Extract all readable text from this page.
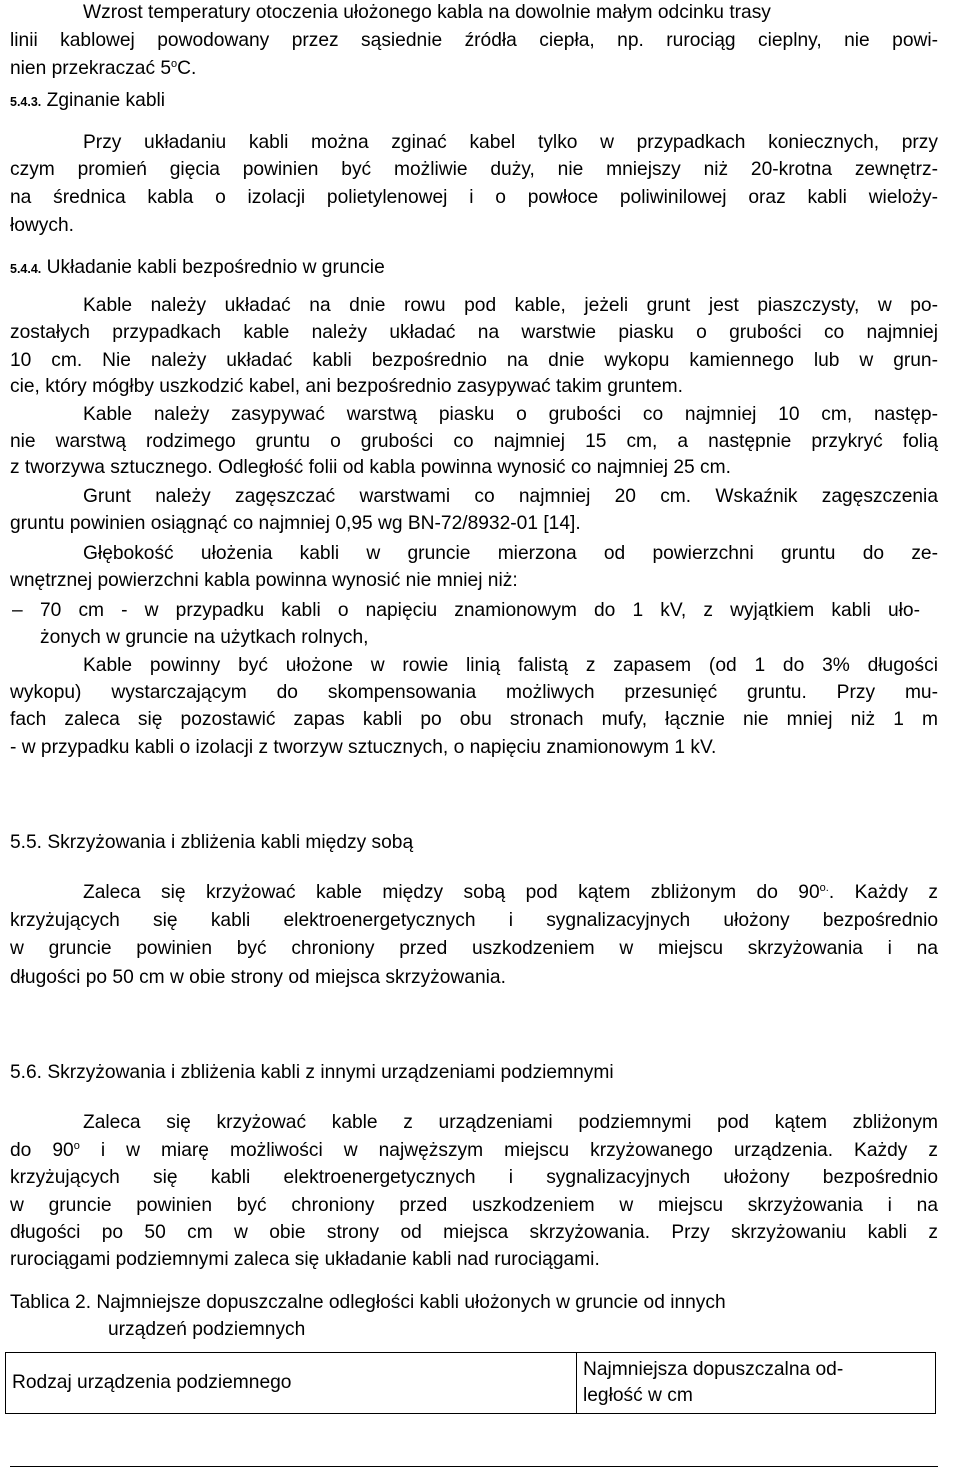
Wzrost temperatury otoczenia ułożonego kabla na dowolnie małym odcinku trasy
linii kablowej powodowany przez sąsiednie źródła ciepła, np. rurociąg cieplny, nie powi-
nien przekraczać 5$^o$C.
5.4.3. Zginanie kabli
Przy układaniu kabli można zginać kabel tylko w przypadkach koniecznych, przy
czym promień gięcia powinien być możliwie duży, nie mniejszy niż 20-krotna zewnętrz-
na średnica kabla o izolacji polietylenowej i o powłoce poliwinilowej oraz kabli wieloży-
łowych.
5.4.4. Układanie kabli bezpośrednio w gruncie
Kable należy układać na dnie rowu pod kable, jeżeli grunt jest piaszczysty, w po-
zostałych przypadkach kable należy układać na warstwie piasku o grubości co najmniej
10 cm. Nie należy układać kabli bezpośrednio na dnie wykopu kamiennego lub w grun-
cie, który mógłby uszkodzić kabel, ani bezpośrednio zasypywać takim gruntem.
Kable należy zasypywać warstwą piasku o grubości co najmniej 10 cm, następ-
nie warstwą rodzimego gruntu o grubości co najmniej 15 cm, a następnie przykryć folią
z tworzywa sztucznego. Odległość folii od kabla powinna wynosić co najmniej 25 cm.
Grunt należy zagęszczać warstwami co najmniej 20 cm. Wskaźnik zagęszczenia
gruntu powinien osiągnąć co najmniej 0,95 wg BN-72/8932-01 [14].
Głębokość ułożenia kabli w gruncie mierzona od powierzchni gruntu do ze-
wnętrznej powierzchni kabla powinna wynosić nie mniej niż:
– 70 cm - w przypadku kabli o napięciu znamionowym do 1 kV, z wyjątkiem kabli uło-
żonych w gruncie na użytkach rolnych,
Kable powinny być ułożone w rowie linią falistą z zapasem (od 1 do 3% długości
wykopu) wystarczającym do skompensowania możliwych przesunięć gruntu. Przy mu-
fach zaleca się pozostawić zapas kabli po obu stronach mufy, łącznie nie mniej niż 1 m
- w przypadku kabli o izolacji z tworzyw sztucznych, o napięciu znamionowym 1 kV.
5.5. Skrzyżowania i zbliżenia kabli między sobą
Zaleca się krzyżować kable między sobą pod kątem zbliżonym do $90^{o.}$. Każdy z
krzyżujących się kabli elektroenergetycznych i sygnalizacyjnych ułożony bezpośrednio
w gruncie powinien być chroniony przed uszkodzeniem w miejscu skrzyżowania i na
długości po 50 cm w obie strony od miejsca skrzyżowania.
5.6. Skrzyżowania i zbliżenia kabli z innymi urządzeniami podziemnymi
Zaleca się krzyżować kable z urządzeniami podziemnymi pod kątem zbliżonym
do 90$^o$ i w miarę możliwości w najwęższym miejscu krzyżowanego urządzenia. Każdy z
krzyżujących się kabli elektroenergetycznych i sygnalizacyjnych ułożony bezpośrednio
w gruncie powinien być chroniony przed uszkodzeniem w miejscu skrzyżowania i na
długości po 50 cm w obie strony od miejsca skrzyżowania. Przy skrzyżowaniu kabli z
rurociągami podziemnymi zaleca się układanie kabli nad rurociągami.
Tablica 2. Najmniejsze dopuszczalne odległości kabli ułożonych w gruncie od innych
urządzeń podziemnych
Rodzaj urządzenia podziemnego	
Najmniejsza dopuszczalna od-
ległość w cm
